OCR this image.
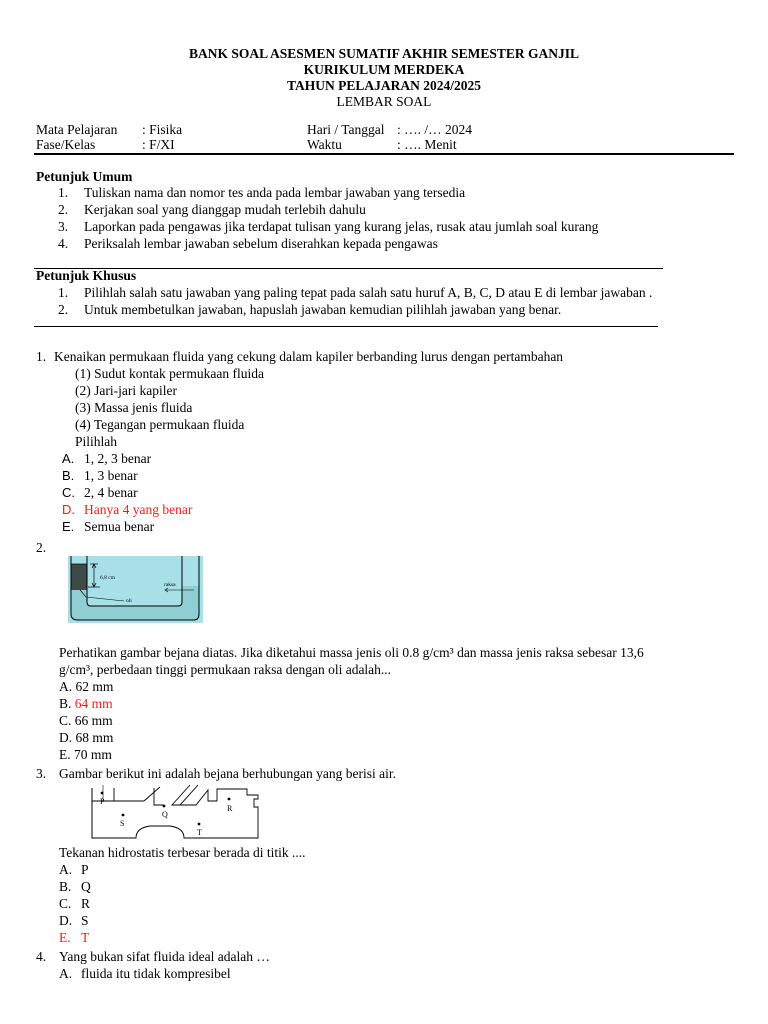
BANK SOAL ASESMEN SUMATIF AKHIR SEMESTER GANJIL
KURIKULUM MERDEKA
TAHUN PELAJARAN 2024/2025
LEMBAR SOAL
Mata Pelajaran : Fisika
Fase/Kelas	: F/XI
Hari / Tanggal : …. /… 2024
Waktu	: …. Menit
Petunjuk Umum
1. Tuliskan nama dan nomor tes anda pada lembar jawaban yang tersedia
2. Kerjakan soal yang dianggap mudah terlebih dahulu
3. Laporkan pada pengawas jika terdapat tulisan yang kurang jelas, rusak atau jumlah soal kurang
4. Periksalah lembar jawaban sebelum diserahkan kepada pengawas
Petunjuk Khusus
1. Pilihlah salah satu jawaban yang paling tepat pada salah satu huruf A, B, C, D atau E di lembar jawaban .
2. Untuk membetulkan jawaban, hapuslah jawaban kemudian pilihlah jawaban yang benar.
1. Kenaikan permukaan fluida yang cekung dalam kapiler berbanding lurus dengan pertambahan
(1) Sudut kontak permukaan fluida
(2) Jari-jari kapiler
(3) Massa jenis fluida
(4) Tegangan permukaan fluida
Pilihlah
A. 1, 2, 3 benar
B. 1, 3 benar
C. 2, 4 benar
D. Hanya 4 yang benar
E. Semua benar
2.
6,8 cm
oli
raksa
Perhatikan gambar bejana diatas. Jika diketahui massa jenis oli 0.8 g/cm³ dan massa jenis raksa sebesar 13,6
g/cm³, perbedaan tinggi permukaan raksa dengan oli adalah...
A. 62 mm
B. 64 mm
C. 66 mm
D. 68 mm
E. 70 mm
3. Gambar berikut ini adalah bejana berhubungan yang berisi air.
P
S
Q
R
T
Tekanan hidrostatis terbesar berada di titik ....
A. P
B. Q
C. R
D. S
E. T
4. Yang bukan sifat fluida ideal adalah …
A. fluida itu tidak kompresibel
